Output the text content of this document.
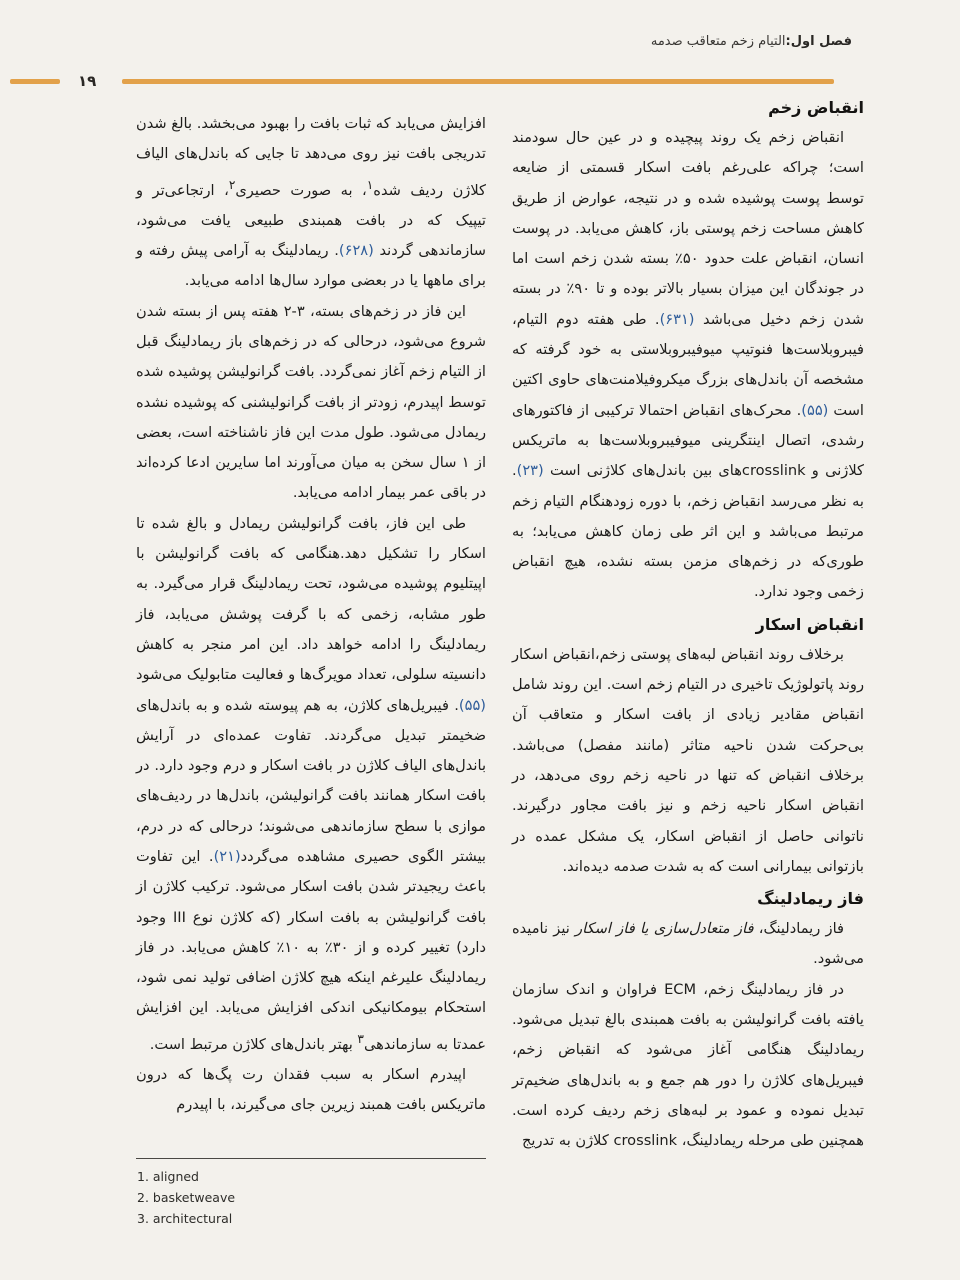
فصل اول:التیام زخم متعاقب صدمه
۱۹
انقباض زخم

انقباض زخم یک روند پیچیده و در عین حال سودمند است؛ چراکه علی‌رغم بافت اسکار قسمتی از ضایعه توسط پوست پوشیده شده و در نتیجه، عوارض از طریق کاهش مساحت زخم پوستی باز، کاهش می‌یابد. در پوست انسان، انقباض علت حدود ۵۰٪ بسته شدن زخم است اما در جوندگان این میزان بسیار بالاتر بوده و تا ۹۰٪ در بسته شدن زخم دخیل می‌باشد (۶۳۱). طی هفته دوم التیام، فیبروبلاست‌ها فنوتیپ میوفیبروبلاستی به خود گرفته که مشخصه آن باندل‌های بزرگ میکروفیلامنت‌های حاوی اکتین است (۵۵). محرک‌های انقباض احتمالا ترکیبی از فاکتورهای رشدی، اتصال اینتگرینی میوفیبروبلاست‌ها به ماتریکس کلاژنی و crosslinkهای بین باندل‌های کلاژنی است (۲۳). به نظر می‌رسد انقباض زخم، با دوره زودهنگام التیام زخم مرتبط می‌باشد و این اثر طی زمان کاهش می‌یابد؛ به طوری‌که در زخم‌های مزمن بسته نشده، هیچ انقباض زخمی وجود ندارد.

انقباض اسکار

برخلاف روند انقباض لبه‌های پوستی زخم،انقباض اسکار روند پاتولوژیک تاخیری در التیام زخم است. این روند شامل انقباض مقادیر زیادی از بافت اسکار و متعاقب آن بی‌حرکت شدن ناحیه متاثر (مانند مفصل) می‌باشد. برخلاف انقباض که تنها در ناحیه زخم روی می‌دهد، در انقباض اسکار ناحیه زخم و نیز بافت مجاور درگیرند. ناتوانی حاصل از انقباض اسکار، یک مشکل عمده در بازتوانی بیمارانی است که به شدت صدمه دیده‌اند.

فاز ریمادلینگ

فاز ریمادلینگ، فاز متعادل‌سازی یا فاز اسکار نیز نامیده می‌شود.

در فاز ریمادلینگ زخم، ECM فراوان و اندک سازمان یافته بافت گرانولیشن به بافت همبندی بالغ تبدیل می‌شود. ریمادلینگ هنگامی آغاز می‌شود که انقباض زخم، فیبریل‌های کلاژن را دور هم جمع و به باندل‌های ضخیم‌تر تبدیل نموده و عمود بر لبه‌های زخم ردیف کرده است. همچنین طی مرحله ریمادلینگ، crosslink کلاژن به تدریج

افزایش می‌یابد که ثبات بافت را بهبود می‌بخشد. بالغ شدن تدریجی بافت نیز روی می‌دهد تا جایی که باندل‌های الیاف کلاژن ردیف شده$^۱$، به صورت حصیری$^۲$، ارتجاعی‌تر و تیپیک که در بافت همبندی طبیعی یافت می‌شود، سازماندهی گردند (۶۲۸). ریمادلینگ به آرامی پیش رفته و برای ماهها یا در بعضی موارد سال‌ها ادامه می‌یابد.

این فاز در زخم‌های بسته، ۳-۲ هفته پس از بسته شدن شروع می‌شود، درحالی که در زخم‌های باز ریمادلینگ قبل از التیام زخم آغاز نمی‌گردد. بافت گرانولیشن پوشیده شده توسط اپیدرم، زودتر از بافت گرانولیشنی که پوشیده نشده ریمادل می‌شود. طول مدت این فاز ناشناخته است، بعضی از ۱ سال سخن به میان می‌آورند اما سایرین ادعا کرده‌اند در باقی عمر بیمار ادامه می‌یابد.

طی این فاز، بافت گرانولیشن ریمادل و بالغ شده تا اسکار را تشکیل دهد.هنگامی که بافت گرانولیشن با اپیتلیوم پوشیده می‌شود، تحت ریمادلینگ قرار می‌گیرد. به طور مشابه، زخمی که با گرفت پوشش می‌یابد، فاز ریمادلینگ را ادامه خواهد داد. این امر منجر به کاهش دانسیته سلولی، تعداد مویرگ‌ها و فعالیت متابولیک می‌شود (۵۵). فیبریل‌های کلاژن، به هم پیوسته شده و به باندل‌های ضخیمتر تبدیل می‌گردند. تفاوت عمده‌ای در آرایش باندل‌های الیاف کلاژن در بافت اسکار و درم وجود دارد. در بافت اسکار همانند بافت گرانولیشن، باندل‌ها در ردیف‌های موازی با سطح سازماندهی می‌شوند؛ درحالی که در درم، بیشتر الگوی حصیری مشاهده می‌گردد(۲۱). این تفاوت باعث ریجیدتر شدن بافت اسکار می‌شود. ترکیب کلاژن از بافت گرانولیشن به بافت اسکار (که کلاژن نوع III وجود دارد) تغییر کرده و از ۳۰٪ به ۱۰٪ کاهش می‌یابد. در فاز ریمادلینگ علیرغم اینکه هیچ کلاژن اضافی تولید نمی شود، استحکام بیومکانیکی اندکی افزایش می‌یابد. این افزایش عمدتا به سازماندهی$^۳$ بهتر باندل‌های کلاژن مرتبط است.

اپیدرم اسکار به سبب فقدان رت پگ‌ها که درون ماتریکس بافت همبند زیرین جای می‌گیرند، با اپیدرم

1. aligned
2. basketweave
3. architectural
